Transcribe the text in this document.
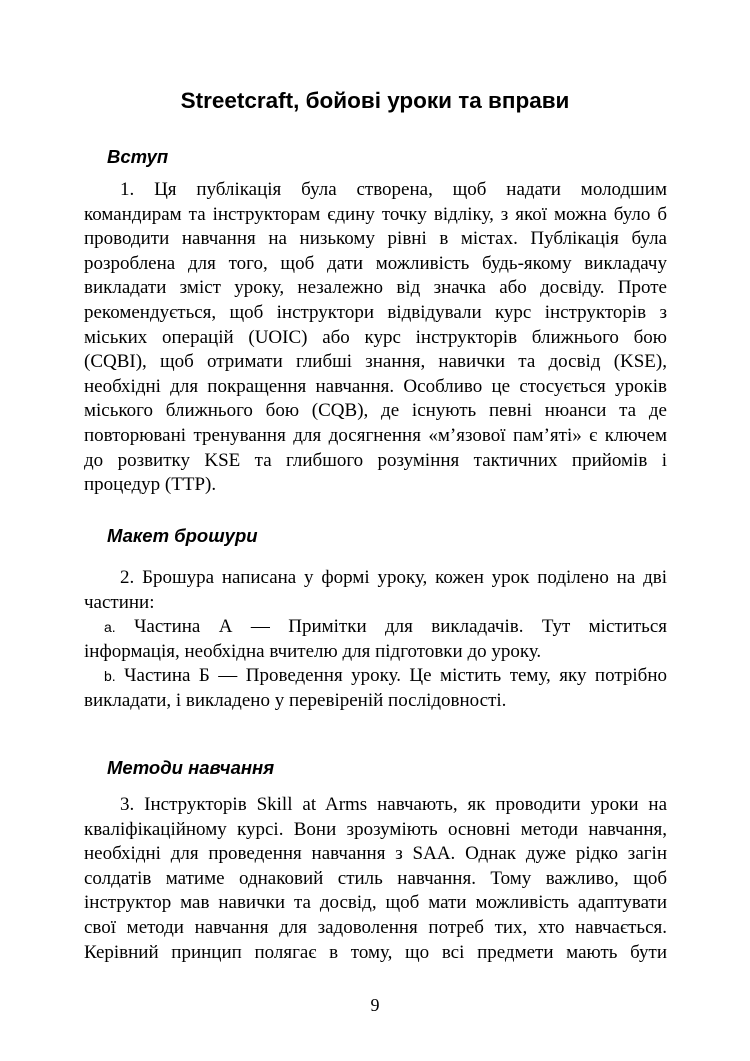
Streetcraft, бойові уроки та вправи
Вступ
1. Ця публікація була створена, щоб надати молодшим
командирам та інструкторам єдину точку відліку, з якої можна було б
проводити навчання на низькому рівні в містах. Публікація була
розроблена для того, щоб дати можливість будь-якому викладачу
викладати зміст уроку, незалежно від значка або досвіду. Проте
рекомендується, щоб інструктори відвідували курс інструкторів з
міських операцій (UOIC) або курс інструкторів ближнього бою
(CQBI), щоб отримати глибші знання, навички та досвід (KSE),
необхідні для покращення навчання. Особливо це стосується уроків
міського ближнього бою (CQB), де існують певні нюанси та де
повторювані тренування для досягнення «м’язової пам’яті» є ключем
до розвитку KSE та глибшого розуміння тактичних прийомів і
процедур (TTP).
Макет брошури
2. Брошура написана у формі уроку, кожен урок поділено на дві
частини:
a. Частина А — Примітки для викладачів. Тут міститься
інформація, необхідна вчителю для підготовки до уроку.
b. Частина Б — Проведення уроку. Це містить тему, яку потрібно
викладати, і викладено у перевіреній послідовності.
Методи навчання
3. Інструкторів Skill at Arms навчають, як проводити уроки на
кваліфікаційному курсі. Вони зрозуміють основні методи навчання,
необхідні для проведення навчання з SAA. Однак дуже рідко загін
солдатів матиме однаковий стиль навчання. Тому важливо, щоб
інструктор мав навички та досвід, щоб мати можливість адаптувати
свої методи навчання для задоволення потреб тих, хто навчається.
Керівний принцип полягає в тому, що всі предмети мають бути
9
